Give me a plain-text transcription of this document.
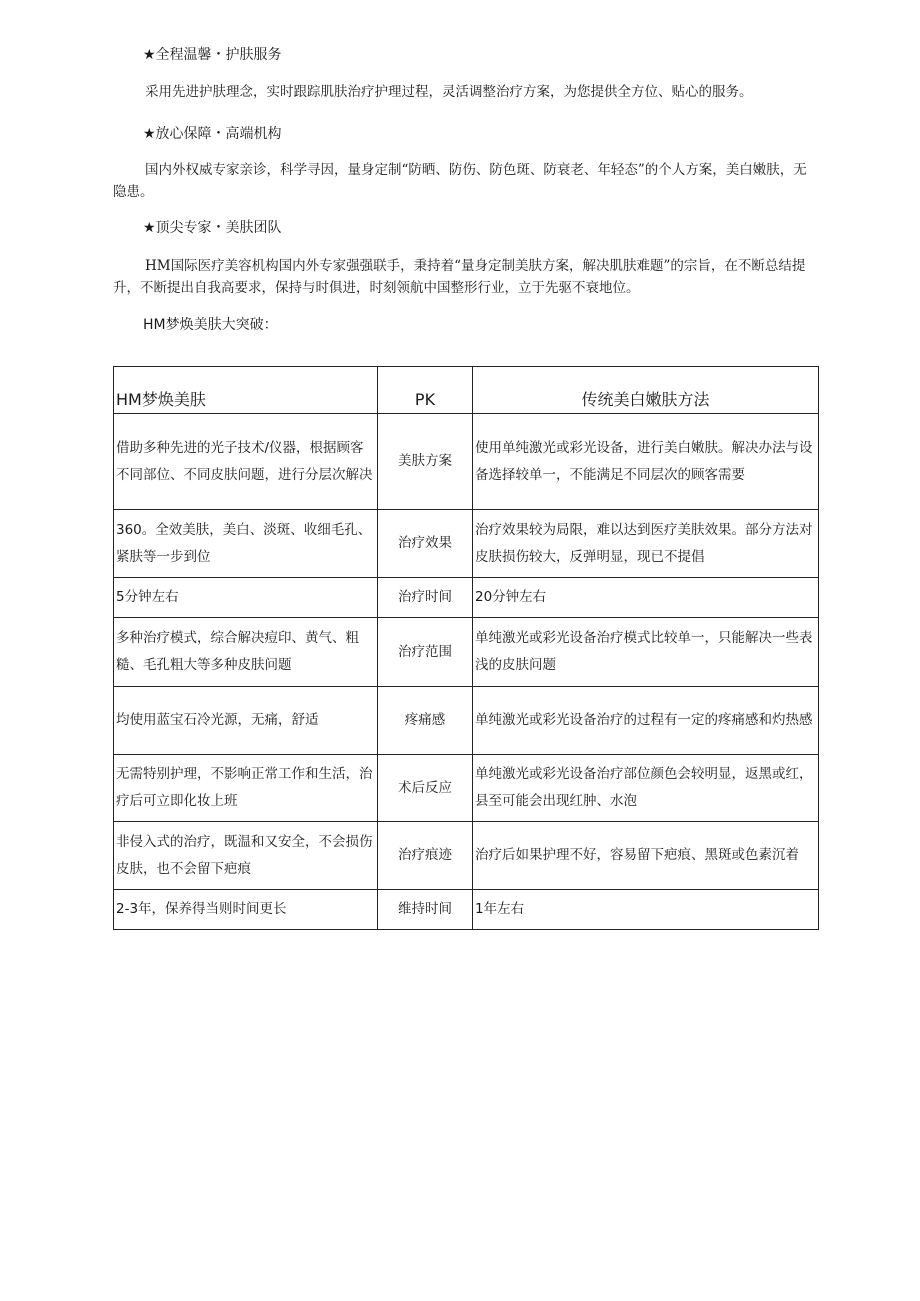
★全程温馨・护肤服务
采用先进护肤理念，实时跟踪肌肤治疗护理过程，灵活调整治疗方案，为您提供全方位、贴心的服务。
★放心保障・高端机构
国内外权威专家亲诊，科学寻因，量身定制“防晒、防伤、防色斑、防衰老、年轻态”的个人方案，美白嫩肤，无隐患。
★顶尖专家・美肤团队
HM国际医疗美容机构国内外专家强强联手，秉持着“量身定制美肤方案，解决肌肤难题”的宗旨，在不断总结提升，不断提出自我高要求，保持与时俱进，时刻领航中国整形行业，立于先驱不衰地位。
HM梦焕美肤大突破：
HM梦焕美肤	PK	传统美白嫩肤方法
借助多种先进的光子技术/仪器，根据顾客不同部位、不同皮肤问题，进行分层次解决	美肤方案	使用单纯激光或彩光设备，进行美白嫩肤。解决办法与设备选择较单一，不能满足不同层次的顾客需要
360。全效美肤，美白、淡斑、收细毛孔、紧肤等一步到位	治疗效果	治疗效果较为局限，难以达到医疗美肤效果。部分方法对皮肤损伤较大，反弹明显，现已不提倡
5分钟左右	治疗时间	20分钟左右
多种治疗模式，综合解决痘印、黄气、粗糙、毛孔粗大等多种皮肤问题	治疗范围	单纯激光或彩光设备治疗模式比较单一，只能解决一些表浅的皮肤问题
均使用蓝宝石冷光源，无痛，舒适	疼痛感	单纯激光或彩光设备治疗的过程有一定的疼痛感和灼热感
无需特别护理，不影响正常工作和生活，治疗后可立即化妆上班	术后反应	单纯激光或彩光设备治疗部位颜色会较明显，返黑或红，县至可能会出现红肿、水泡
非侵入式的治疗，既温和又安全，不会损伤皮肤，也不会留下疤痕	治疗痕迹	治疗后如果护理不好，容易留下疤痕、黑斑或色素沉着
2-3年，保养得当则时间更长	维持时间	1年左右
